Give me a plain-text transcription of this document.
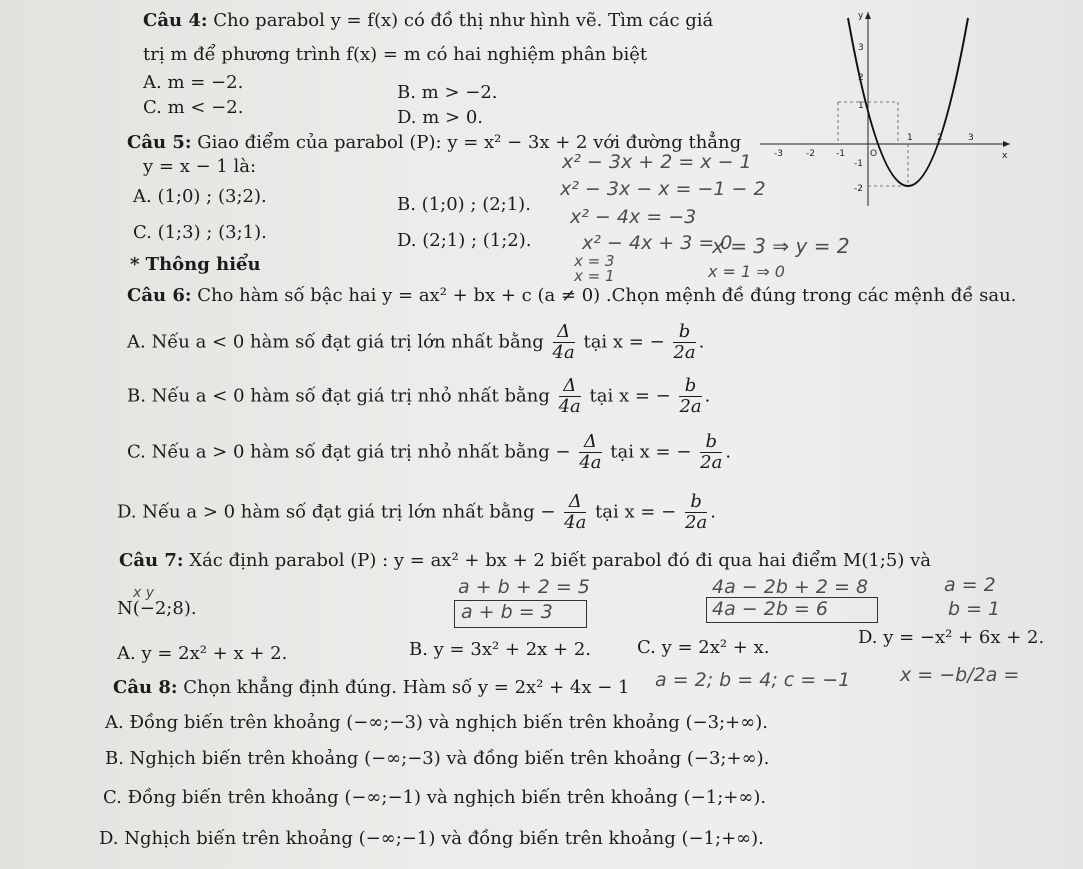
Câu 4: Cho parabol y = f(x) có đồ thị như hình vẽ. Tìm các giá
trị m để phương trình f(x) = m có hai nghiệm phân biệt
A. m = −2.	B. m > −2.
C. m < −2.	D. m > 0.
y
x
3
2
1
-1
-2
-3	-2 -1	O
1	2	3
Câu 5: Giao điểm của parabol (P): y = x² − 3x + 2 với đường thẳng
y = x − 1 là:
A. (1;0) ; (3;2).	B. (1;0) ; (2;1).
C. (1;3) ; (3;1).	D. (2;1) ; (1;2).
* Thông hiểu
Câu 6: Cho hàm số bậc hai y = ax² + bx + c (a ≠ 0) .Chọn mệnh đề đúng trong các mệnh đề sau.
A. Nếu a < 0 hàm số đạt giá trị lớn nhất bằng $\frac{\Delta}{4a}$ tại x = − $\frac{b}{2a}$ .
B. Nếu a < 0 hàm số đạt giá trị nhỏ nhất bằng $\frac{\Delta}{4a}$ tại x = − $\frac{b}{2a}$ .
C. Nếu a > 0 hàm số đạt giá trị nhỏ nhất bằng − $\frac{\Delta}{4a}$ tại x = − $\frac{b}{2a}$ .
D. Nếu a > 0 hàm số đạt giá trị lớn nhất bằng − $\frac{\Delta}{4a}$ tại x = − $\frac{b}{2a}$ .
Câu 7: Xác định parabol (P) : y = ax² + bx + 2 biết parabol đó đi qua hai điểm M(1;5) và
N(−2;8).
A. y = 2x² + x + 2.	B. y = 3x² + 2x + 2.	C. y = 2x² + x.	D. y = −x² + 6x + 2.
Câu 8: Chọn khẳng định đúng. Hàm số y = 2x² + 4x − 1
A. Đồng biến trên khoảng (−∞;−3) và nghịch biến trên khoảng (−3;+∞).
B. Nghịch biến trên khoảng (−∞;−3) và đồng biến trên khoảng (−3;+∞).
C. Đồng biến trên khoảng (−∞;−1) và nghịch biến trên khoảng (−1;+∞).
D. Nghịch biến trên khoảng (−∞;−1) và đồng biến trên khoảng (−1;+∞).
x² − 3x + 2 = x − 1
x² − 3x − x = −1 − 2
x² − 4x = −3
x² − 4x + 3 = 0
x = 3 ⇒ y = 2
x = 3
x = 1	x = 1 ⇒ 0
x y	a + b + 2 = 5
a + b = 3
4a − 2b + 2 = 8
4a − 2b = 6
a = 2
b = 1
a = 2; b = 4; c = −1	x = −b/2a =
